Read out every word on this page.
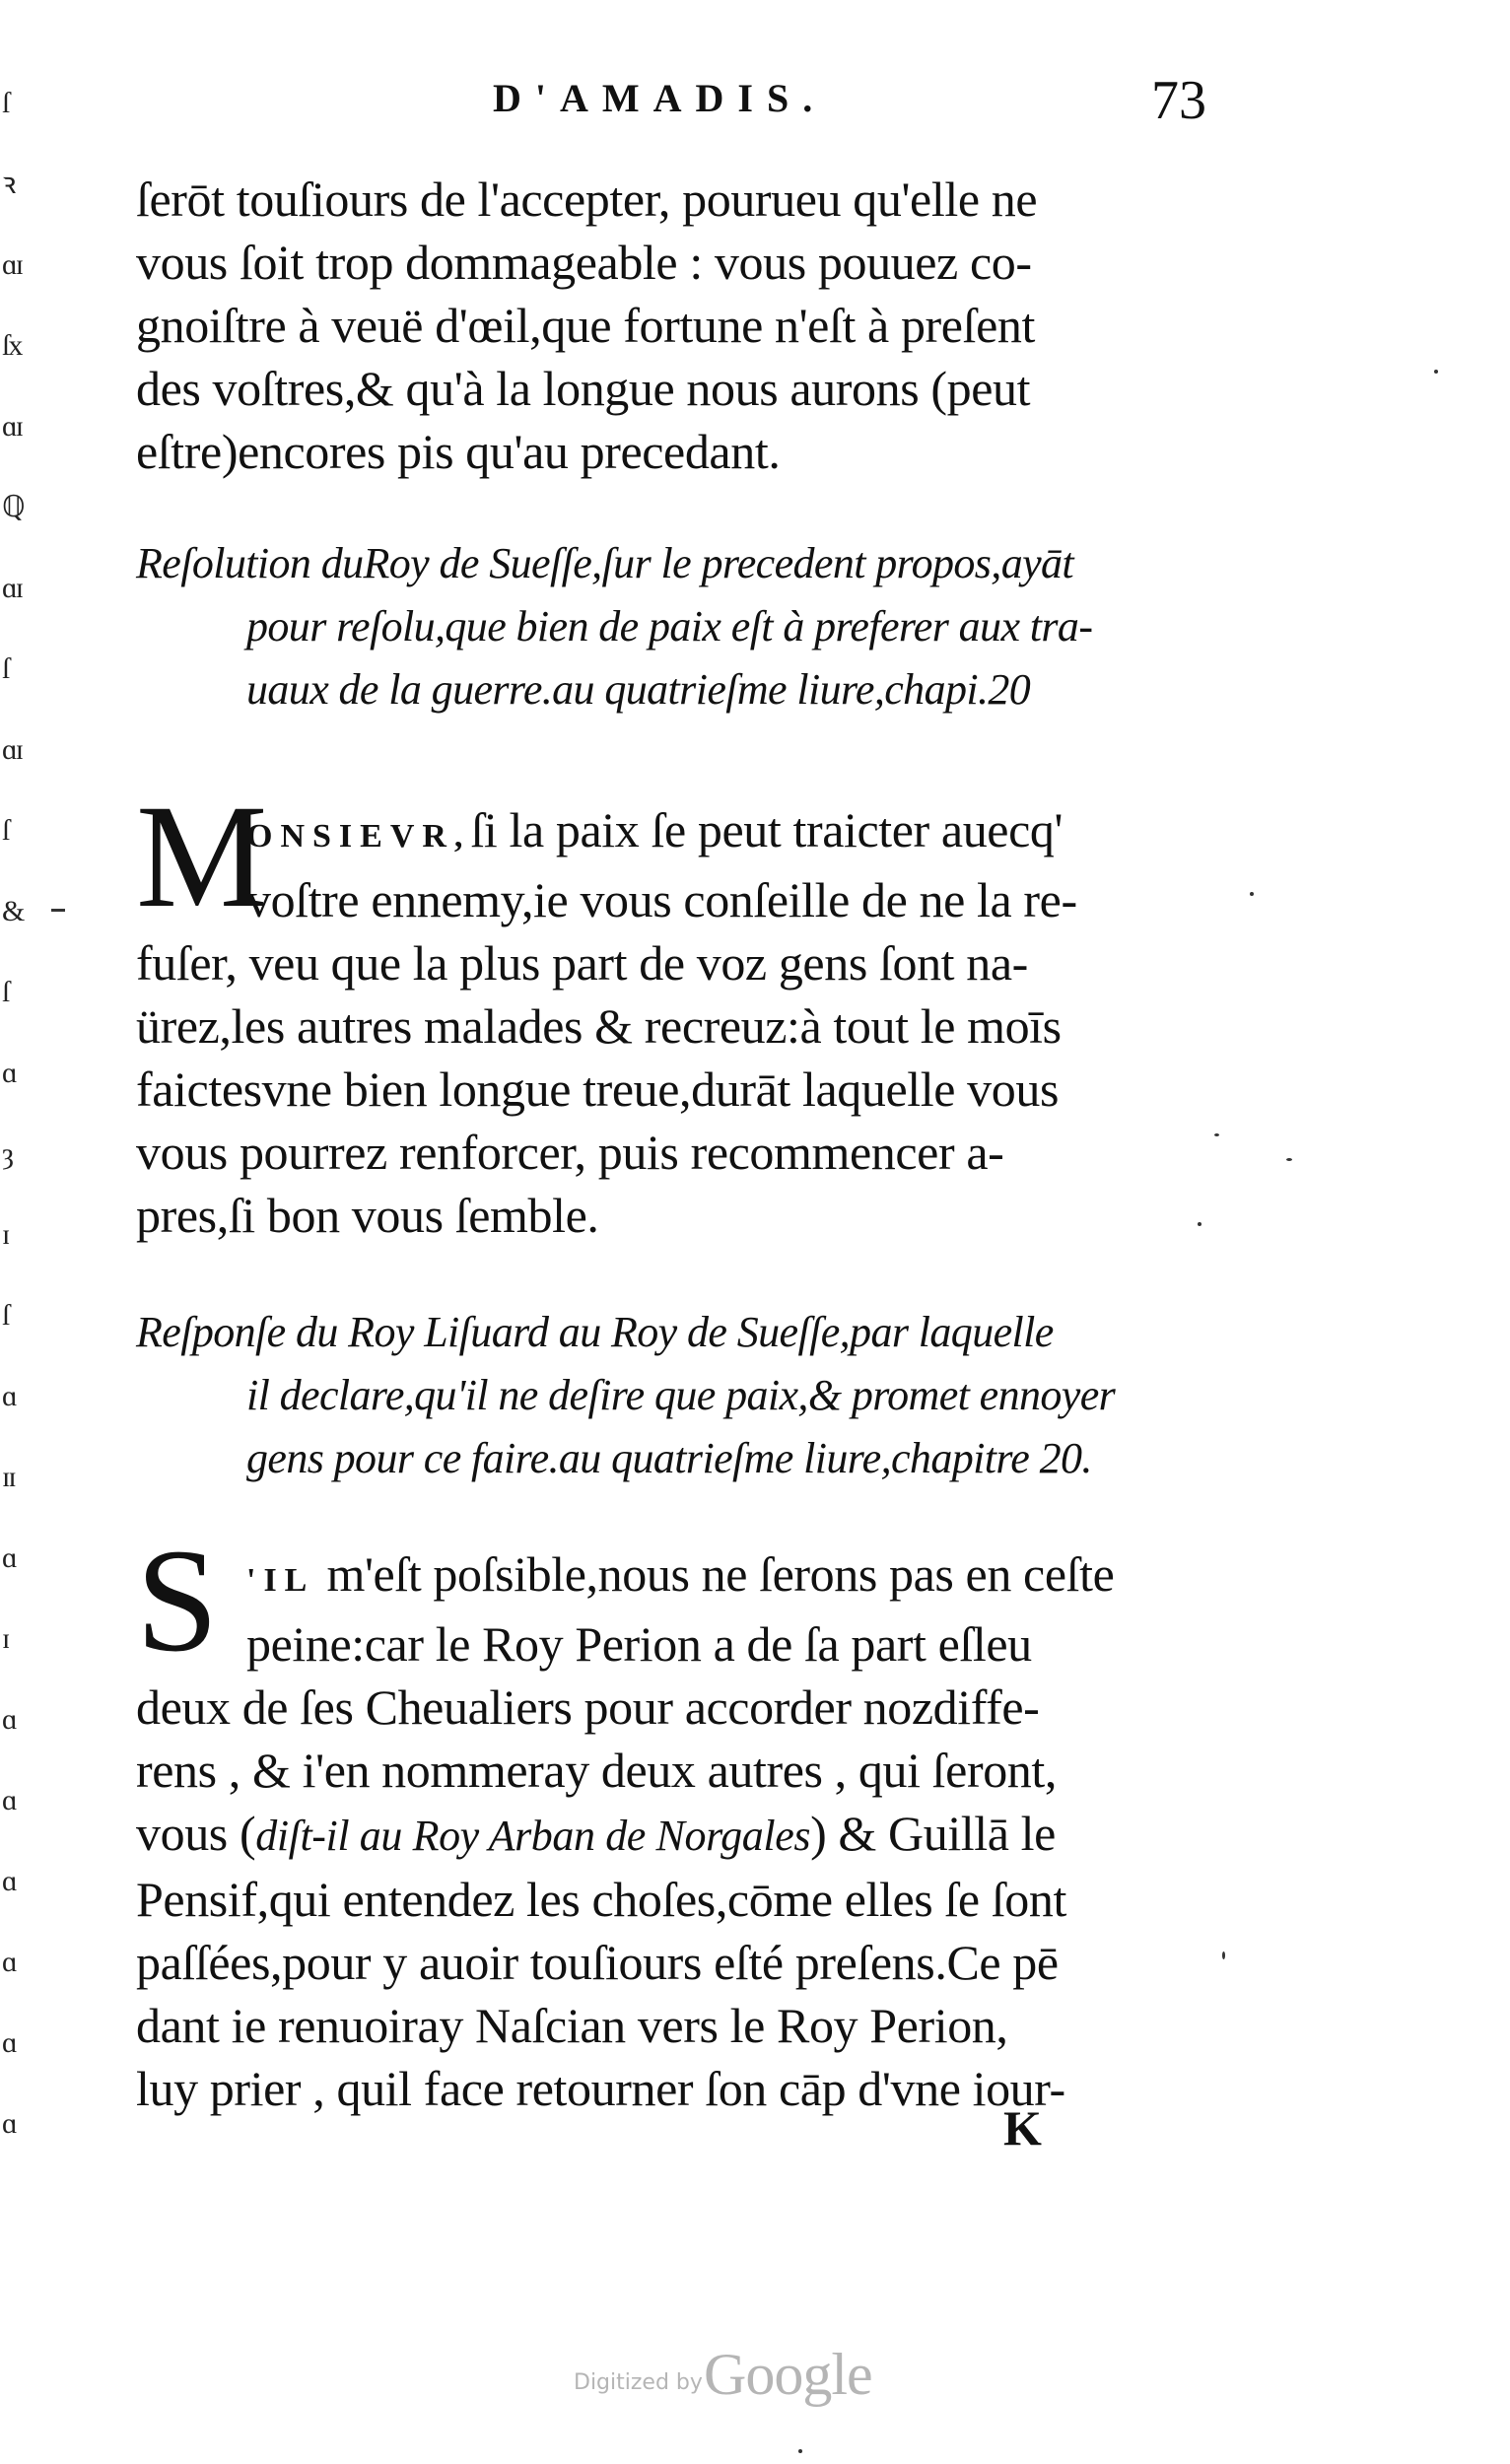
ſ
ꝛ
ɑɪ
ſx
ɑɪ
ℚ
ɑɪ
ſ
ɑɪ
ſ
&
ſ
ɑ
ȝ
ɪ
ſ
ɑ
ɪɪ
ɑ
ɪ
ɑ
ɑ
ɑ
ɑ
ɑ
ɑ
D'AMADIS.	73
ſerōt touſiours de l'accepter, pourueu qu'elle ne
vous ſoit trop dommageable : vous pouuez co-
gnoiſtre à veuë d'œil,que fortune n'eſt à preſent
des voſtres,& qu'à la longue nous aurons (peut
eſtre)encores pis qu'au precedant.
Reſolution duRoy de Sueſſe,ſur le precedent propos,ayāt
pour reſolu,que bien de paix eſt à preferer aux tra-
uaux de la guerre.au quatrieſme liure,chapi.20
M
ONSIEVR,ſi la paix ſe peut traicter auecq'
voſtre ennemy,ie vous conſeille de ne la re-
fuſer, veu que la plus part de voz gens ſont na-
ürez,les autres malades & recreuz:à tout le moīs
faictesvne bien longue treue,durāt laquelle vous
vous pourrez renforcer, puis recommencer a-
pres,ſi bon vous ſemble.
Reſponſe du Roy Liſuard au Roy de Sueſſe,par laquelle
il declare,qu'il ne deſire que paix,& promet ennoyer
gens pour ce faire.au quatrieſme liure,chapitre 20.
S 'IL m'eſt poſsible,nous ne ſerons pas en ceſte
peine:car le Roy Perion a de ſa part eſleu
deux de ſes Cheualiers pour accorder nozdiffe-
rens , & i'en nommeray deux autres , qui ſeront,
vous (diſt-il au Roy Arban de Norgales) & Guillā le
Pensif,qui entendez les choſes,cōme elles ſe ſont
paſſées,pour y auoir touſiours eſté preſens.Ce pē
dant ie renuoiray Naſcian vers le Roy Perion,
luy prier , quil face retourner ſon cāp d'vne iour-
K
Digitized by Google
